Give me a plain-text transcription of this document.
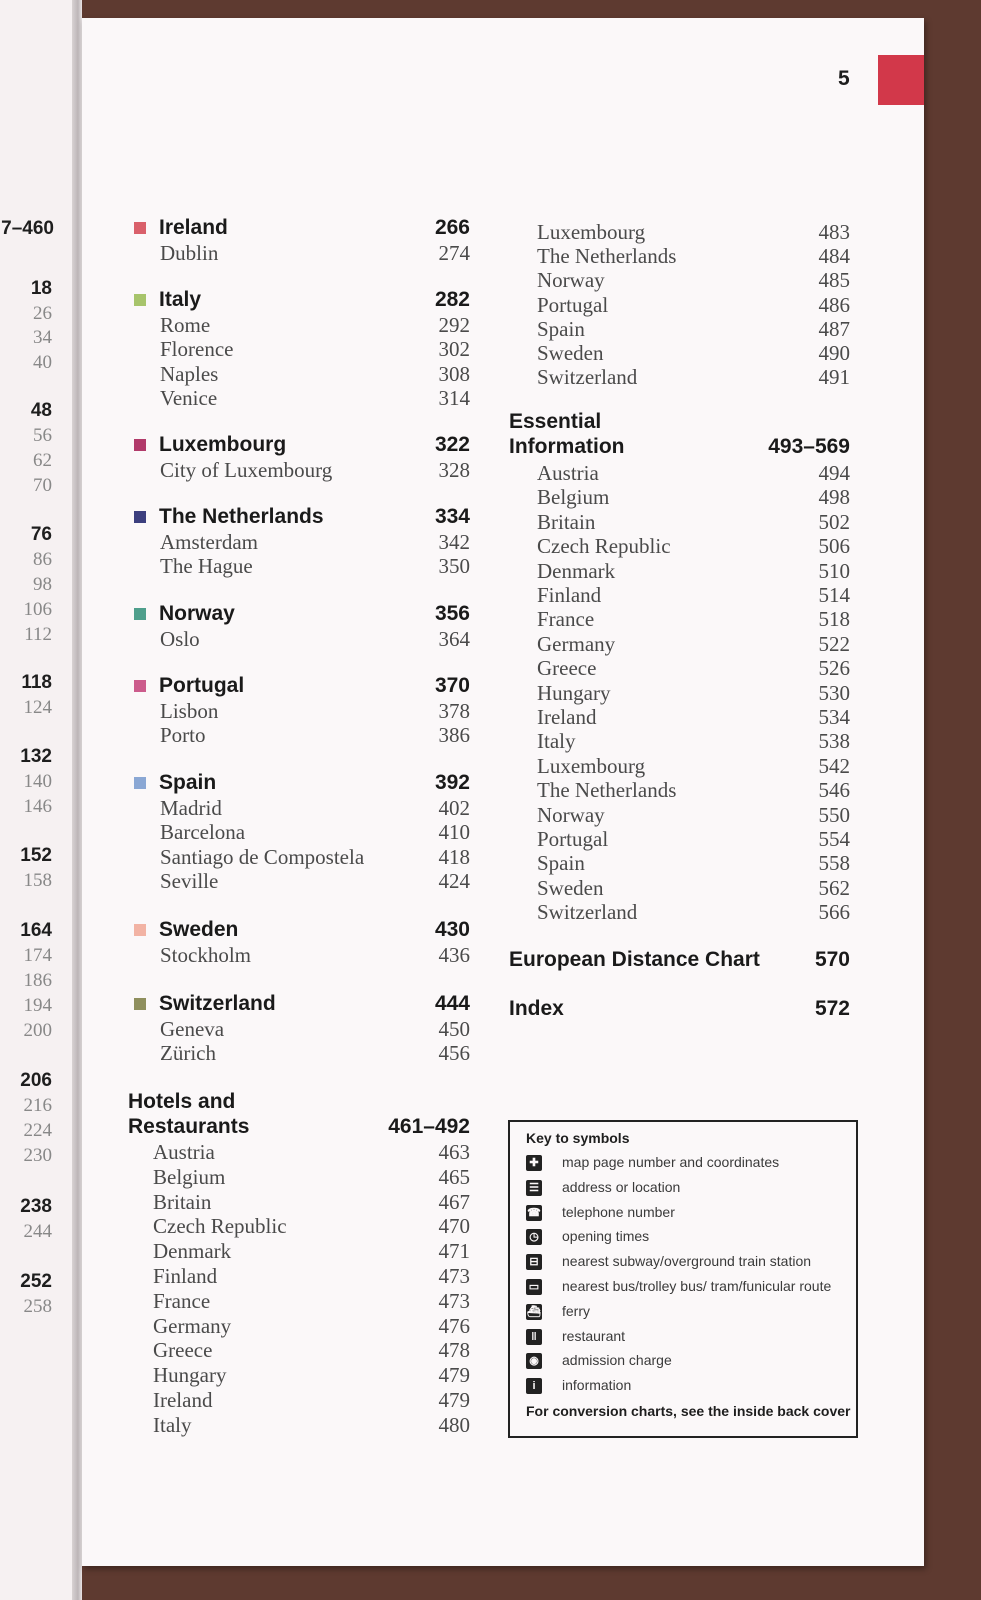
7–460
18
26
34
40
48
56
62
70
76
86
98
106
112
118
124
132
140
146
152
158
164
174
186
194
200
206
216
224
230
238
244
252
258
5
Ireland	266
Dublin	274
Italy	282
Rome	292
Florence	302
Naples	308
Venice	314
Luxembourg	322
City of Luxembourg	328
The Netherlands	334
Amsterdam	342
The Hague	350
Norway	356
Oslo	364
Portugal	370
Lisbon	378
Porto	386
Spain	392
Madrid	402
Barcelona	410
Santiago de Compostela	418
Seville	424
Sweden	430
Stockholm	436
Switzerland	444
Geneva	450
Zürich	456
Hotels and
Restaurants	461–492
Austria	463
Belgium	465
Britain	467
Czech Republic	470
Denmark	471
Finland	473
France	473
Germany	476
Greece	478
Hungary	479
Ireland	479
Italy	480
Luxembourg	483
The Netherlands	484
Norway	485
Portugal	486
Spain	487
Sweden	490
Switzerland	491
Essential
Information	493–569
Austria	494
Belgium	498
Britain	502
Czech Republic	506
Denmark	510
Finland	514
France	518
Germany	522
Greece	526
Hungary	530
Ireland	534
Italy	538
Luxembourg	542
The Netherlands	546
Norway	550
Portugal	554
Spain	558
Sweden	562
Switzerland	566
European Distance Chart	570
Index	572
Key to symbols
For conversion charts, see the inside back cover
✚ map page number and coordinates
☰ address or location
☎ telephone number
◷ opening times
⊟ nearest subway/overground train station
▭ nearest bus/trolley bus/ tram/funicular route
⛴ ferry
‖	restaurant
◉ admission charge
i	information
